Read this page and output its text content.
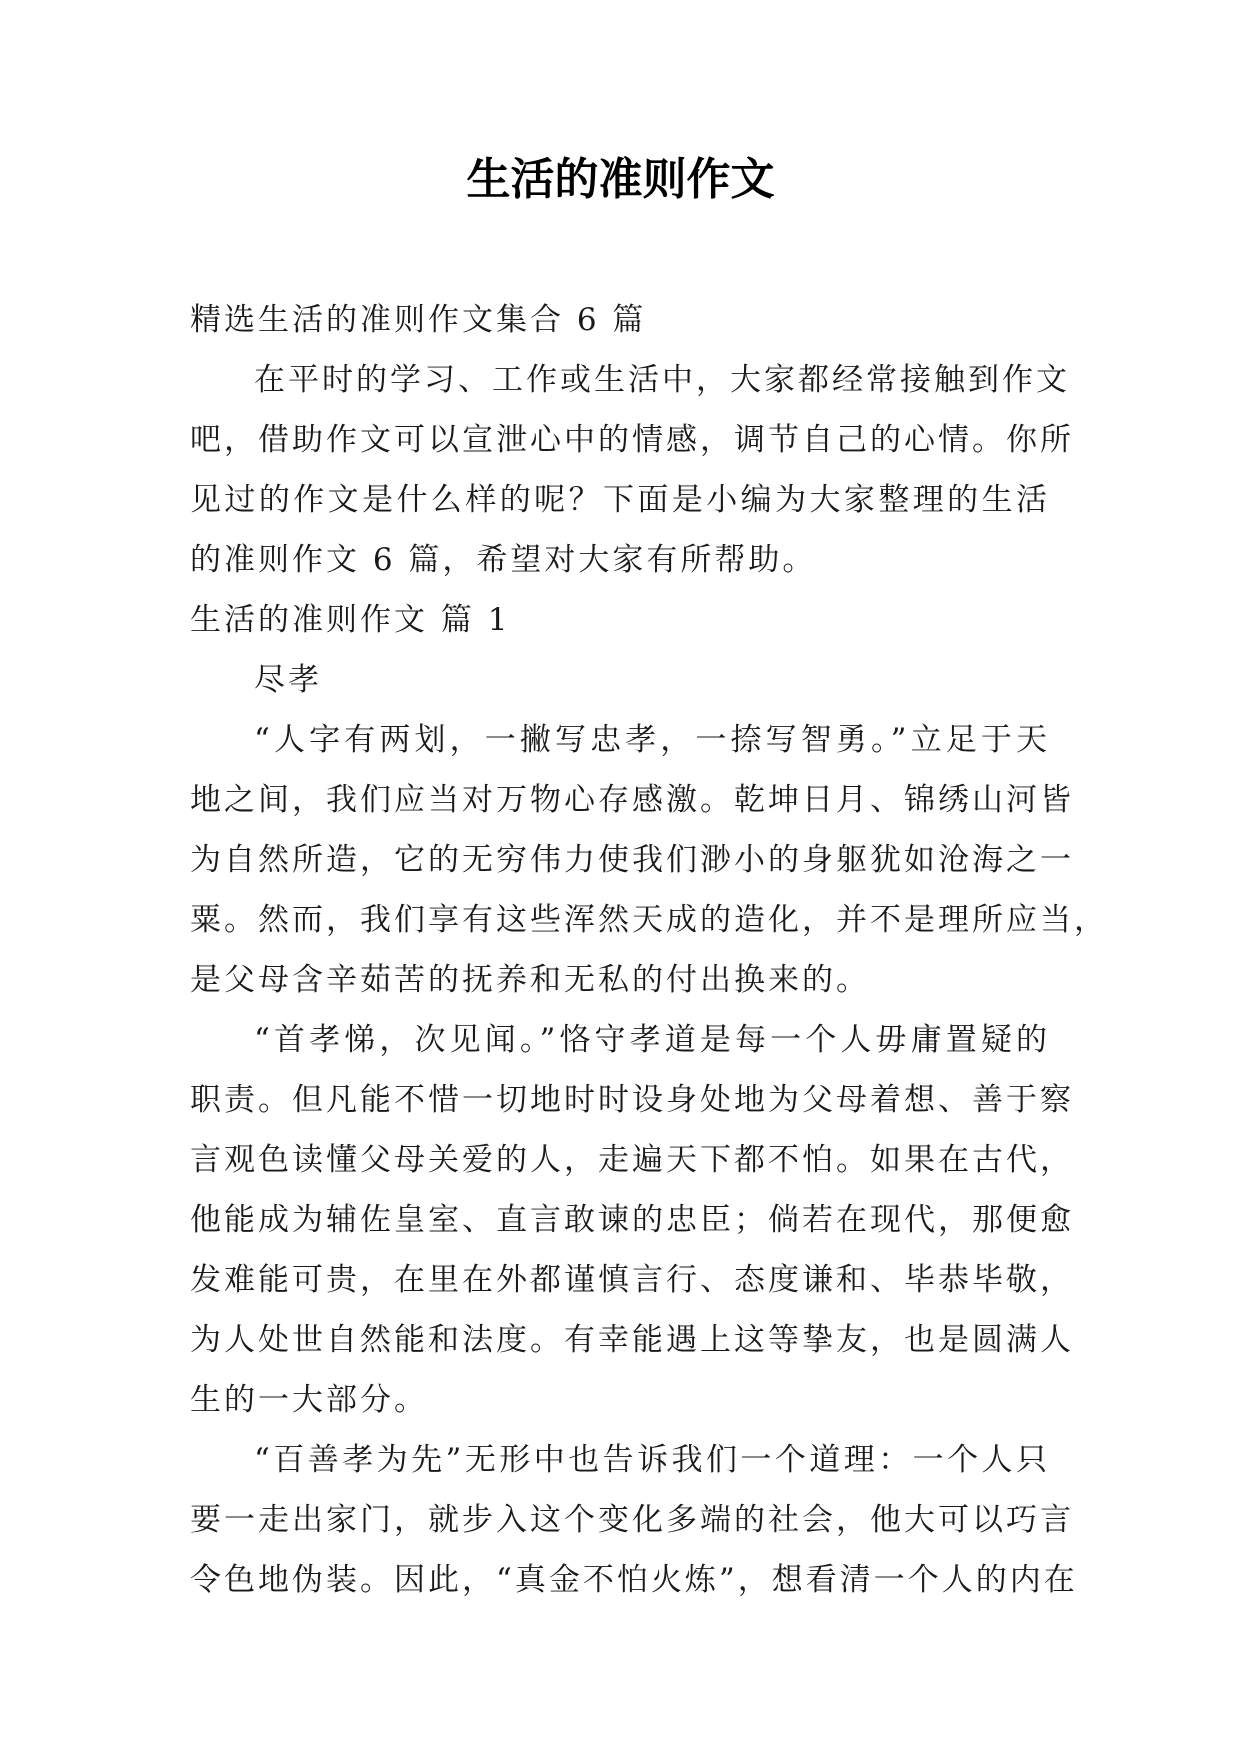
生活的准则作文

精选生活的准则作文集合 6 篇

在平时的学习、工作或生活中，大家都经常接触到作文

吧，借助作文可以宣泄心中的情感，调节自己的心情。你所

见过的作文是什么样的呢？下面是小编为大家整理的生活

的准则作文 6 篇，希望对大家有所帮助。

生活的准则作文 篇 1

尽孝

“人字有两划，一撇写忠孝，一捺写智勇。”立足于天

地之间，我们应当对万物心存感激。乾坤日月、锦绣山河皆

为自然所造，它的无穷伟力使我们渺小的身躯犹如沧海之一

粟。然而，我们享有这些浑然天成的造化，并不是理所应当，

是父母含辛茹苦的抚养和无私的付出换来的。

“首孝悌，次见闻。”恪守孝道是每一个人毋庸置疑的

职责。但凡能不惜一切地时时设身处地为父母着想、善于察

言观色读懂父母关爱的人，走遍天下都不怕。如果在古代，

他能成为辅佐皇室、直言敢谏的忠臣；倘若在现代，那便愈

发难能可贵，在里在外都谨慎言行、态度谦和、毕恭毕敬，

为人处世自然能和法度。有幸能遇上这等挚友，也是圆满人

生的一大部分。

“百善孝为先”无形中也告诉我们一个道理：一个人只

要一走出家门，就步入这个变化多端的社会，他大可以巧言

令色地伪装。因此，“真金不怕火炼”，想看清一个人的内在
